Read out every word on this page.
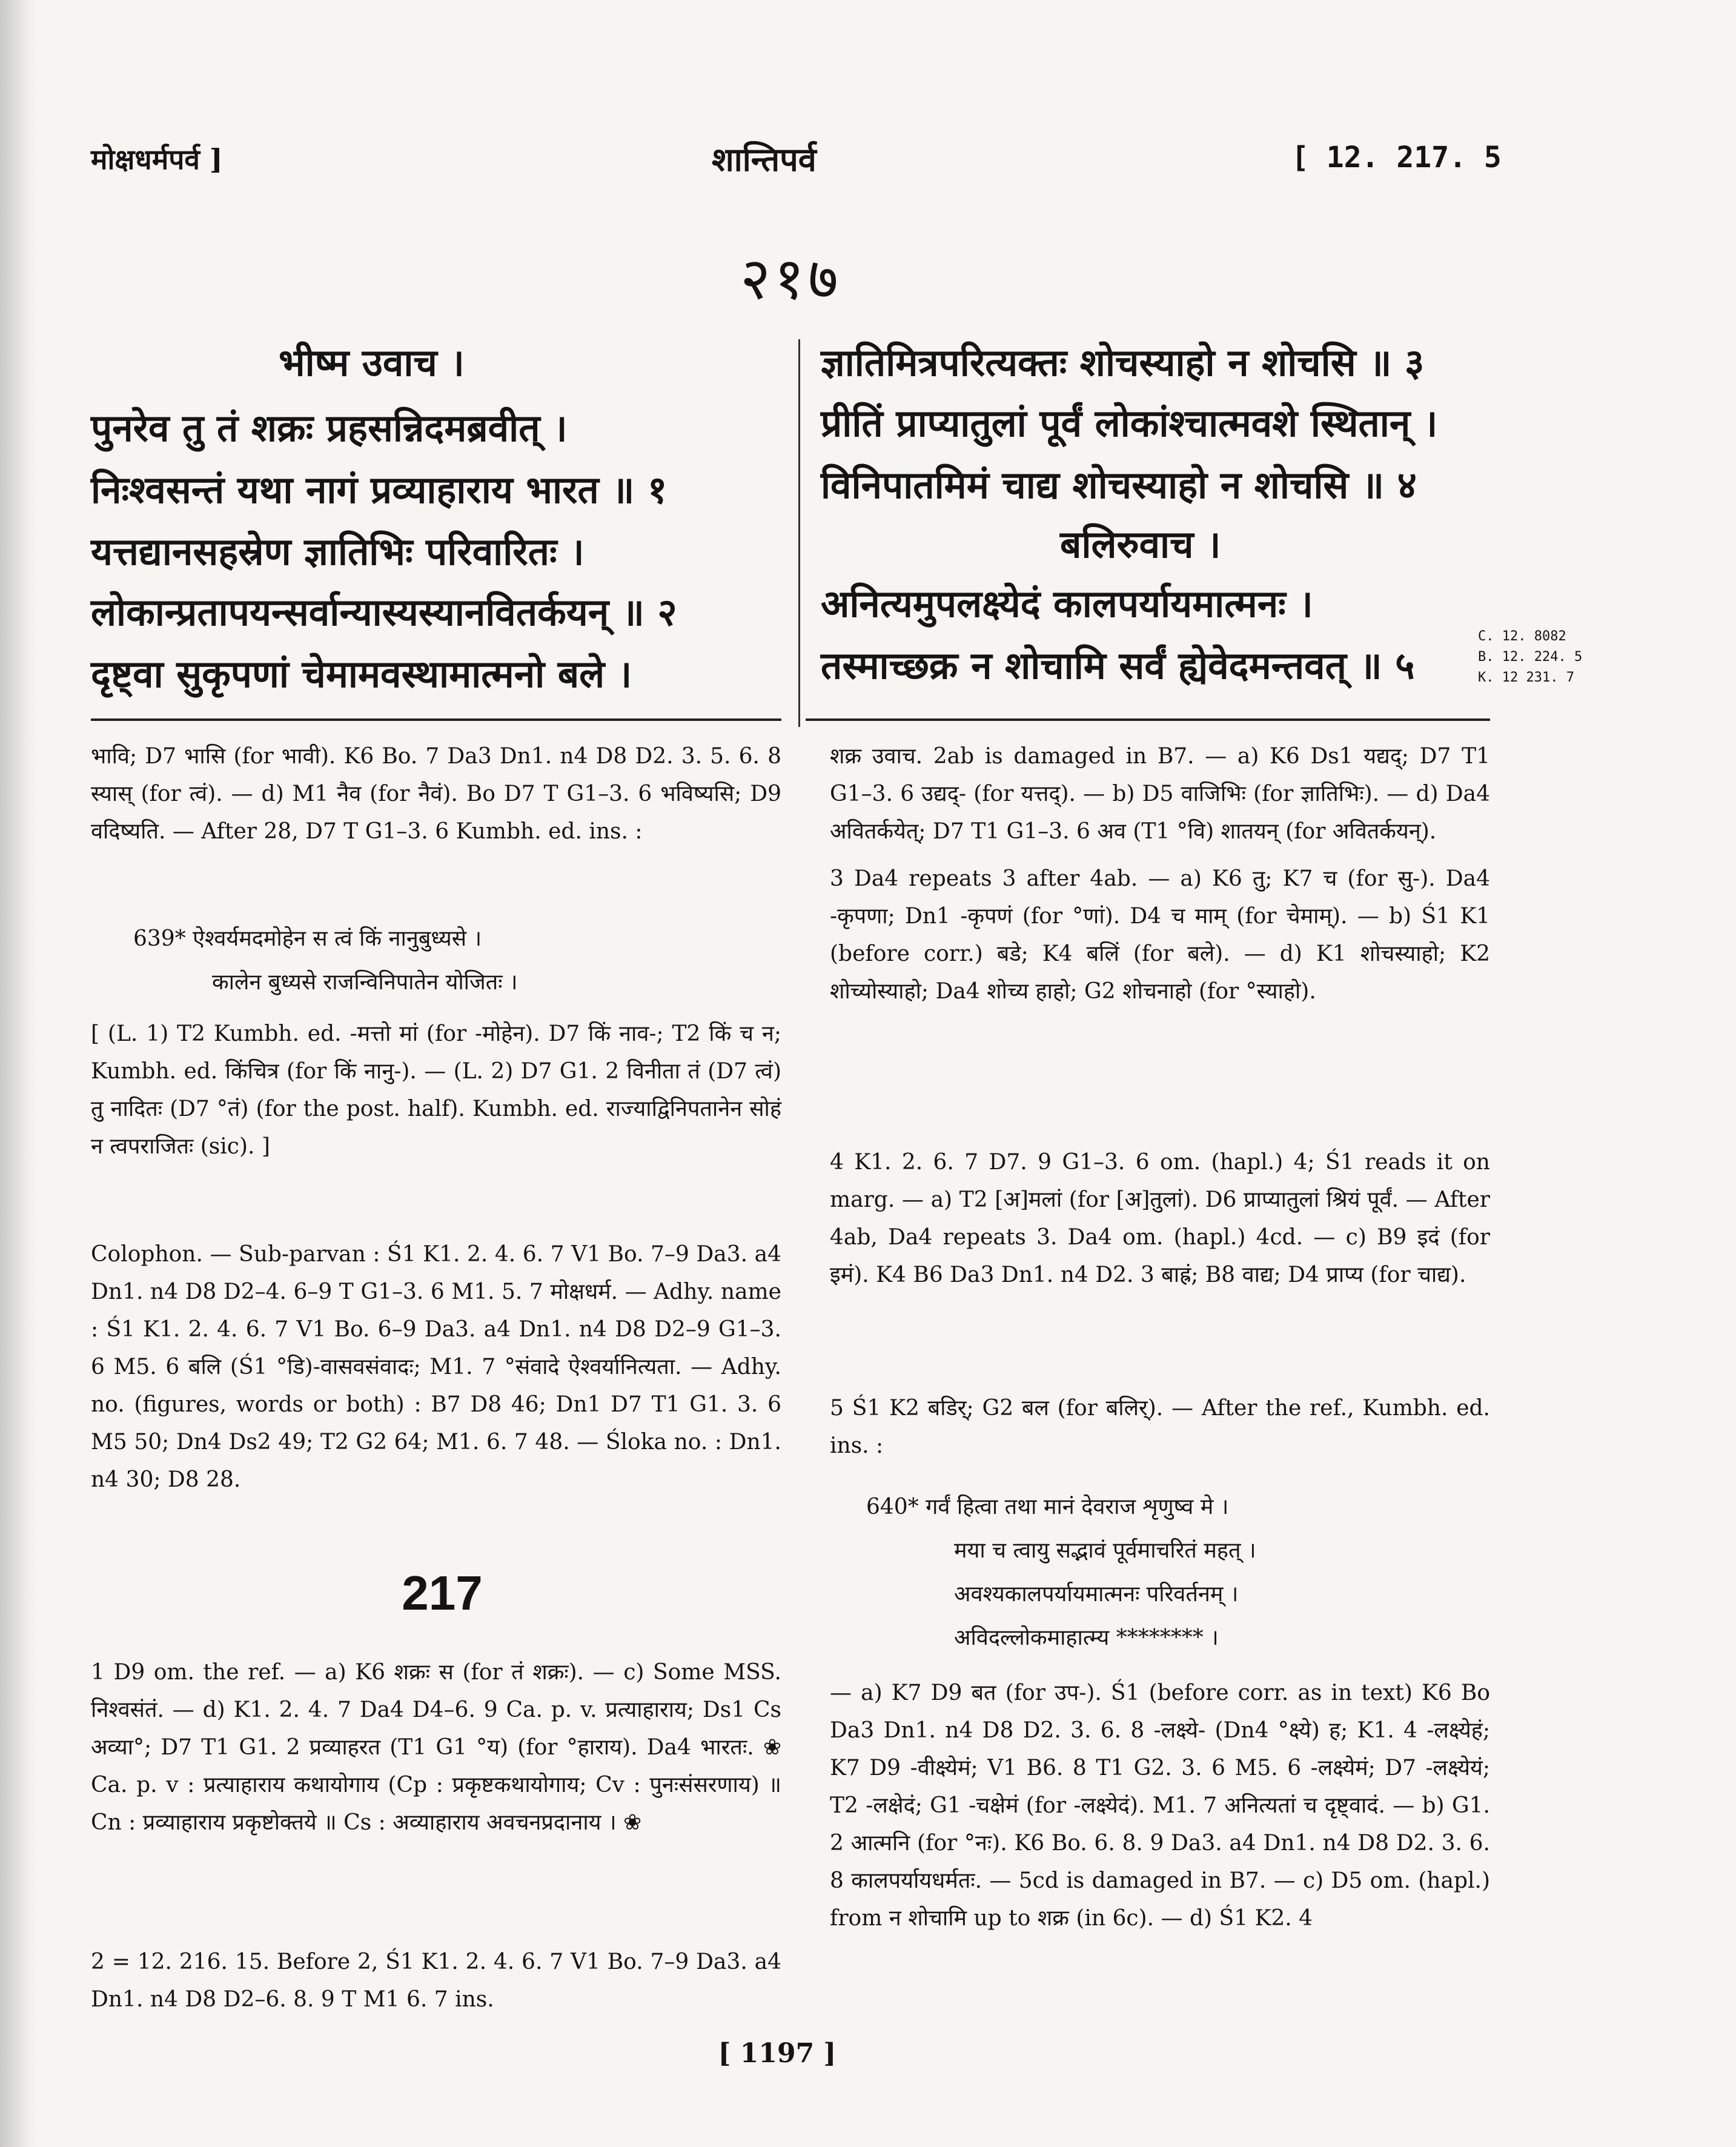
मोक्षधर्मपर्व ]	शान्तिपर्व	[ 12. 217. 5
२१७
भीष्म उवाच ।
पुनरेव तु तं शक्रः प्रहसन्निदमब्रवीत् ।
निःश्वसन्तं यथा नागं प्रव्याहाराय भारत ॥ १
यत्तद्यानसहस्रेण ज्ञातिभिः परिवारितः ।
लोकान्प्रतापयन्सर्वान्यास्यस्यानवितर्कयन् ॥ २
दृष्ट्वा सुकृपणां चेमामवस्थामात्मनो बले ।
ज्ञातिमित्रपरित्यक्तः शोचस्याहो न शोचसि ॥ ३
प्रीतिं प्राप्यातुलां पूर्वं लोकांश्चात्मवशे स्थितान् ।
विनिपातमिमं चाद्य शोचस्याहो न शोचसि ॥ ४
बलिरुवाच ।
अनित्यमुपलक्ष्येदं कालपर्यायमात्मनः ।
तस्माच्छक्र न शोचामि सर्वं ह्येवेदमन्तवत् ॥ ५
C. 12. 8082
B. 12. 224. 5
K. 12 231. 7
भावि; D7 भासि (for भावी). K6 Bo. 7 Da3 Dn1. n4 D8 D2. 3. 5. 6. 8 स्यास् (for त्वं). — d) M1 नैव (for नैवं). Bo D7 T G1–3. 6 भविष्यसि; D9 वदिष्यति. — After 28, D7 T G1–3. 6 Kumbh. ed. ins. :
639* ऐश्वर्यमदमोहेन स त्वं किं नानुबुध्यसे ।
कालेन बुध्यसे राजन्विनिपातेन योजितः ।
[ (L. 1) T2 Kumbh. ed. -मत्तो मां (for -मोहेन). D7 किं नाव-; T2 किं च न; Kumbh. ed. किंचित्र (for किं नानु-). — (L. 2) D7 G1. 2 विनीता तं (D7 त्वं) तु नादितः (D7 °तं) (for the post. half). Kumbh. ed. राज्याद्विनिपतानेन सोहं न त्वपराजितः (sic). ]
Colophon. — Sub-parvan : Ś1 K1. 2. 4. 6. 7 V1 Bo. 7–9 Da3. a4 Dn1. n4 D8 D2–4. 6–9 T G1–3. 6 M1. 5. 7 मोक्षधर्म. — Adhy. name : Ś1 K1. 2. 4. 6. 7 V1 Bo. 6–9 Da3. a4 Dn1. n4 D8 D2–9 G1–3. 6 M5. 6 बलि (Ś1 °डि)-वासवसंवादः; M1. 7 °संवादे ऐश्वर्यानित्यता. — Adhy. no. (figures, words or both) : B7 D8 46; Dn1 D7 T1 G1. 3. 6 M5 50; Dn4 Ds2 49; T2 G2 64; M1. 6. 7 48. — Śloka no. : Dn1. n4 30; D8 28.
217
1 D9 om. the ref. — a) K6 शक्रः स (for तं शक्रः). — c) Some MSS. निश्वसंतं. — d) K1. 2. 4. 7 Da4 D4–6. 9 Ca. p. v. प्रत्याहाराय; Ds1 Cs अव्या°; D7 T1 G1. 2 प्रव्याहरत (T1 G1 °य) (for °हाराय). Da4 भारतः. ❀ Ca. p. v : प्रत्याहाराय कथायोगाय (Cp : प्रकृष्टकथायोगाय; Cv : पुनःसंसरणाय) ॥ Cn : प्रव्याहाराय प्रकृष्टोक्तये ॥ Cs : अव्याहाराय अवचनप्रदानाय । ❀
2 = 12. 216. 15. Before 2, Ś1 K1. 2. 4. 6. 7 V1 Bo. 7–9 Da3. a4 Dn1. n4 D8 D2–6. 8. 9 T M1 6. 7 ins.
शक्र उवाच. 2ab is damaged in B7. — a) K6 Ds1 यद्यद्; D7 T1 G1–3. 6 उद्यद्- (for यत्तद्). — b) D5 वाजिभिः (for ज्ञातिभिः). — d) Da4 अवितर्कयेत्; D7 T1 G1–3. 6 अव (T1 °वि) शातयन् (for अवितर्कयन्).
3 Da4 repeats 3 after 4ab. — a) K6 तु; K7 च (for सु-). Da4 -कृपणा; Dn1 -कृपणं (for °णां). D4 च माम् (for चेमाम्). — b) Ś1 K1 (before corr.) बडे; K4 बलिं (for बले). — d) K1 शोचस्याहो; K2 शोच्योस्याहो; Da4 शोच्य हाहो; G2 शोचनाहो (for °स्याहो).
4 K1. 2. 6. 7 D7. 9 G1–3. 6 om. (hapl.) 4; Ś1 reads it on marg. — a) T2 [अ]मलां (for [अ]तुलां). D6 प्राप्यातुलां श्रियं पूर्वं. — After 4ab, Da4 repeats 3. Da4 om. (hapl.) 4cd. — c) B9 इदं (for इमं). K4 B6 Da3 Dn1. n4 D2. 3 बाह्रं; B8 वाद्य; D4 प्राप्य (for चाद्य).
5 Ś1 K2 बडिर्; G2 बल (for बलिर्). — After the ref., Kumbh. ed. ins. :
640* गर्वं हित्वा तथा मानं देवराज शृणुष्व मे ।
मया च त्वायु सद्भावं पूर्वमाचरितं महत् ।
अवश्यकालपर्यायमात्मनः परिवर्तनम् ।
अविदल्लोकमाहात्म्य ******** ।
— a) K7 D9 बत (for उप-). Ś1 (before corr. as in text) K6 Bo Da3 Dn1. n4 D8 D2. 3. 6. 8 -लक्ष्ये- (Dn4 °क्ष्ये) ह; K1. 4 -लक्ष्येहं; K7 D9 -वीक्ष्येमं; V1 B6. 8 T1 G2. 3. 6 M5. 6 -लक्ष्येमं; D7 -लक्ष्येयं; T2 -लक्षेदं; G1 -चक्षेमं (for -लक्ष्येदं). M1. 7 अनित्यतां च दृष्ट्वादं. — b) G1. 2 आत्मनि (for °नः). K6 Bo. 6. 8. 9 Da3. a4 Dn1. n4 D8 D2. 3. 6. 8 कालपर्यायधर्मतः. — 5cd is damaged in B7. — c) D5 om. (hapl.) from न शोचामि up to शक्र (in 6c). — d) Ś1 K2. 4
[ 1197 ]
